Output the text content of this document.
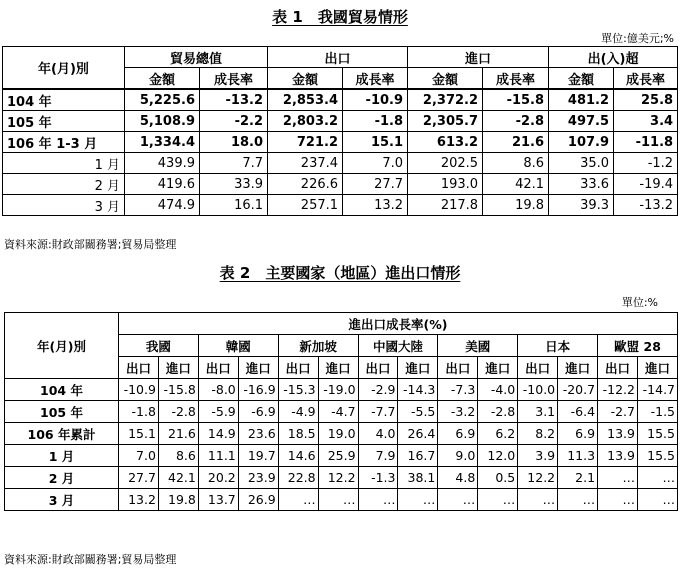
表 1　我國貿易情形
單位:億美元;%
年(月)別	貿易總值		出口		進口		出(入)超	
	金額	成長率	金額	成長率	金額	成長率	金額	成長率
104 年	5,225.6	-13.2	2,853.4	-10.9	2,372.2	-15.8	481.2	25.8
105 年	5,108.9	-2.2	2,803.2	-1.8	2,305.7	-2.8	497.5	3.4
106 年 1-3 月	1,334.4	18.0	721.2	15.1	613.2	21.6	107.9	-11.8
1 月	439.9	7.7	237.4	7.0	202.5	8.6	35.0	-1.2
2 月	419.6	33.9	226.6	27.7	193.0	42.1	33.6	-19.4
3 月	474.9	16.1	257.1	13.2	217.8	19.8	39.3	-13.2
資料來源:財政部關務署;貿易局整理
表 2　主要國家（地區）進出口情形
單位:%
年(月)別	進出口成長率(%)													
	我國		韓國		新加坡		中國大陸		美國		日本		歐盟 28	
	出口	進口	出口	進口	出口	進口	出口	進口	出口	進口	出口	進口	出口	進口
104 年	-10.9	-15.8	-8.0	-16.9	-15.3	-19.0	-2.9	-14.3	-7.3	-4.0	-10.0	-20.7	-12.2	-14.7
105 年	-1.8	-2.8	-5.9	-6.9	-4.9	-4.7	-7.7	-5.5	-3.2	-2.8	3.1	-6.4	-2.7	-1.5
106 年累計	15.1	21.6	14.9	23.6	18.5	19.0	4.0	26.4	6.9	6.2	8.2	6.9	13.9	15.5
1 月	7.0	8.6	11.1	19.7	14.6	25.9	7.9	16.7	9.0	12.0	3.9	11.3	13.9	15.5
2 月	27.7	42.1	20.2	23.9	22.8	12.2	-1.3	38.1	4.8	0.5	12.2	2.1	…	…
3 月	13.2	19.8	13.7	26.9	…	…	…	…	…	…	…	…	…	…
資料來源:財政部關務署;貿易局整理
